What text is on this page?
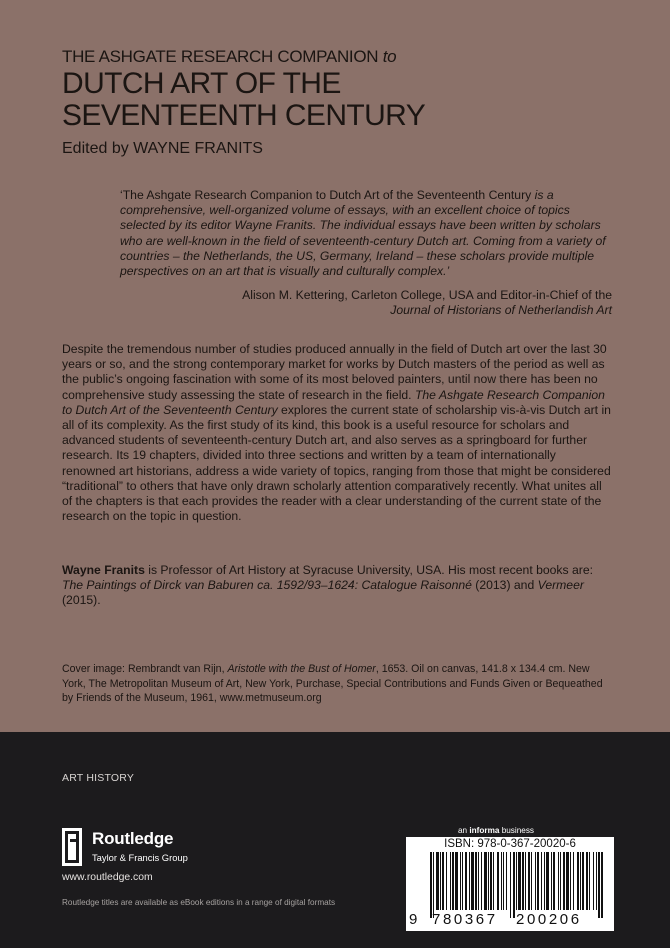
THE ASHGATE RESEARCH COMPANION to
DUTCH ART OF THE
SEVENTEENTH CENTURY
Edited by WAYNE FRANITS
‘The Ashgate Research Companion to Dutch Art of the Seventeenth Century is a comprehensive, well-organized volume of essays, with an excellent choice of topics selected by its editor Wayne Franits. The individual essays have been written by scholars who are well-known in the field of seventeenth-century Dutch art. Coming from a variety of countries – the Netherlands, the US, Germany, Ireland – these scholars provide multiple perspectives on an art that is visually and culturally complex.’
Alison M. Kettering, Carleton College, USA and Editor-in-Chief of the
Journal of Historians of Netherlandish Art
Despite the tremendous number of studies produced annually in the field of Dutch art over the last 30 years or so, and the strong contemporary market for works by Dutch masters of the period as well as the public’s ongoing fascination with some of its most beloved painters, until now there has been no comprehensive study assessing the state of research in the field. The Ashgate Research Companion to Dutch Art of the Seventeenth Century explores the current state of scholarship vis-à-vis Dutch art in all of its complexity. As the first study of its kind, this book is a useful resource for scholars and advanced students of seventeenth-century Dutch art, and also serves as a springboard for further research. Its 19 chapters, divided into three sections and written by a team of internationally renowned art historians, address a wide variety of topics, ranging from those that might be considered “traditional” to others that have only drawn scholarly attention comparatively recently. What unites all of the chapters is that each provides the reader with a clear understanding of the current state of the research on the topic in question.
Wayne Franits is Professor of Art History at Syracuse University, USA. His most recent books are: The Paintings of Dirck van Baburen ca. 1592/93–1624: Catalogue Raisonné (2013) and Vermeer (2015).
Cover image: Rembrandt van Rijn, Aristotle with the Bust of Homer, 1653. Oil on canvas, 141.8 x 134.4 cm. New York, The Metropolitan Museum of Art, New York, Purchase, Special Contributions and Funds Given or Bequeathed by Friends of the Museum, 1961, www.metmuseum.org
ART HISTORY
Routledge
Taylor & Francis Group
www.routledge.com
Routledge titles are available as eBook editions in a range of digital formats
an informa business
ISBN: 978-0-367-20020-6
9 780367 200206
